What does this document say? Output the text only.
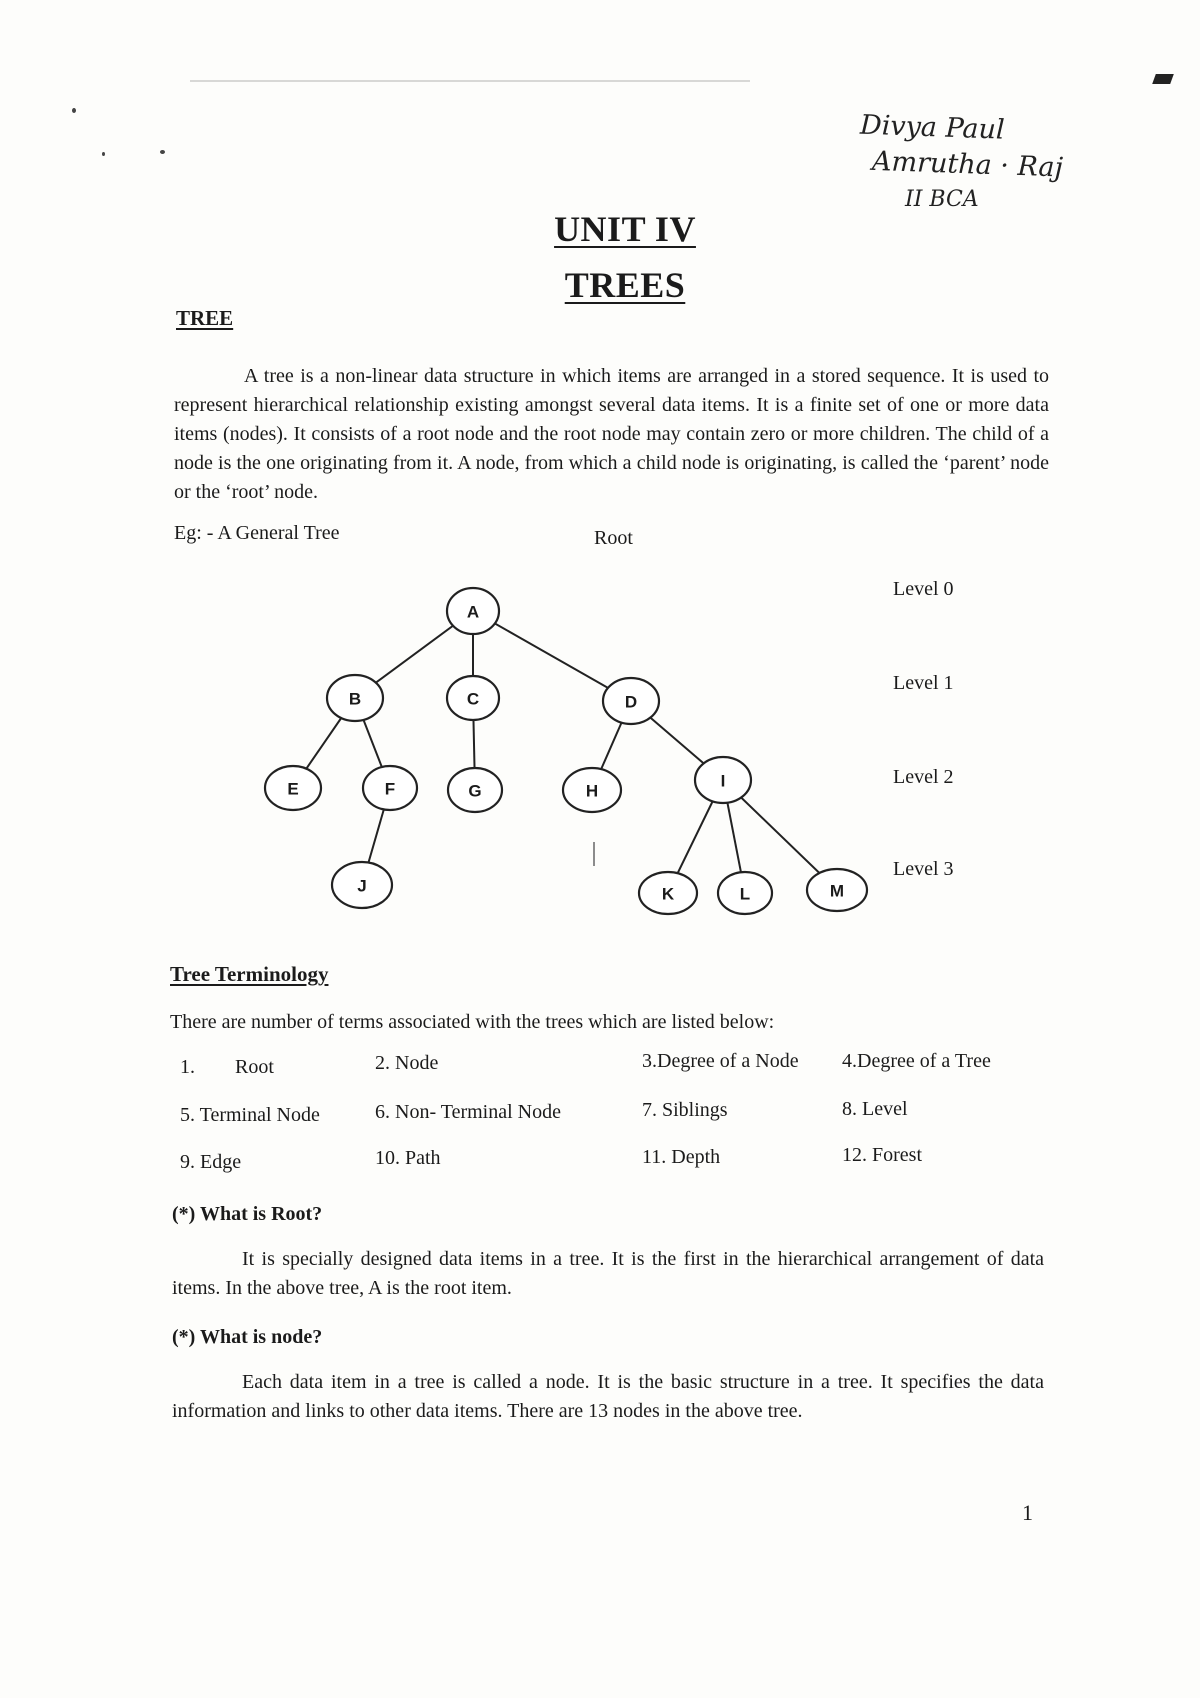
Divya Paul
Amrutha · Raj
II BCA
UNIT IV
TREES
TREE
A tree is a non-linear data structure in which items are arranged in a stored sequence. It is used to represent hierarchical relationship existing amongst several data items. It is a finite set of one or more data items (nodes). It consists of a root node and the root node may contain zero or more children. The child of a node is the one originating from it. A node, from which a child node is originating, is called the ‘parent’ node or the ‘root’ node.
Eg: - A General Tree	Root
A
B	C	D
E	F	G	H
I
J	K	L	M
Level 0
Level 1
Level 2
Level 3
Tree Terminology
There are number of terms associated with the trees which are listed below:
1. Root	2. Node	3.Degree of a Node 4.Degree of a Tree
5. Terminal Node	6. Non- Terminal Node	7. Siblings	8. Level
9. Edge	10. Path	11. Depth	12. Forest
(*) What is Root?
It is specially designed data items in a tree. It is the first in the hierarchical arrangement of data items. In the above tree, A is the root item.
(*) What is node?
Each data item in a tree is called a node. It is the basic structure in a tree. It specifies the data information and links to other data items. There are 13 nodes in the above tree.
1
